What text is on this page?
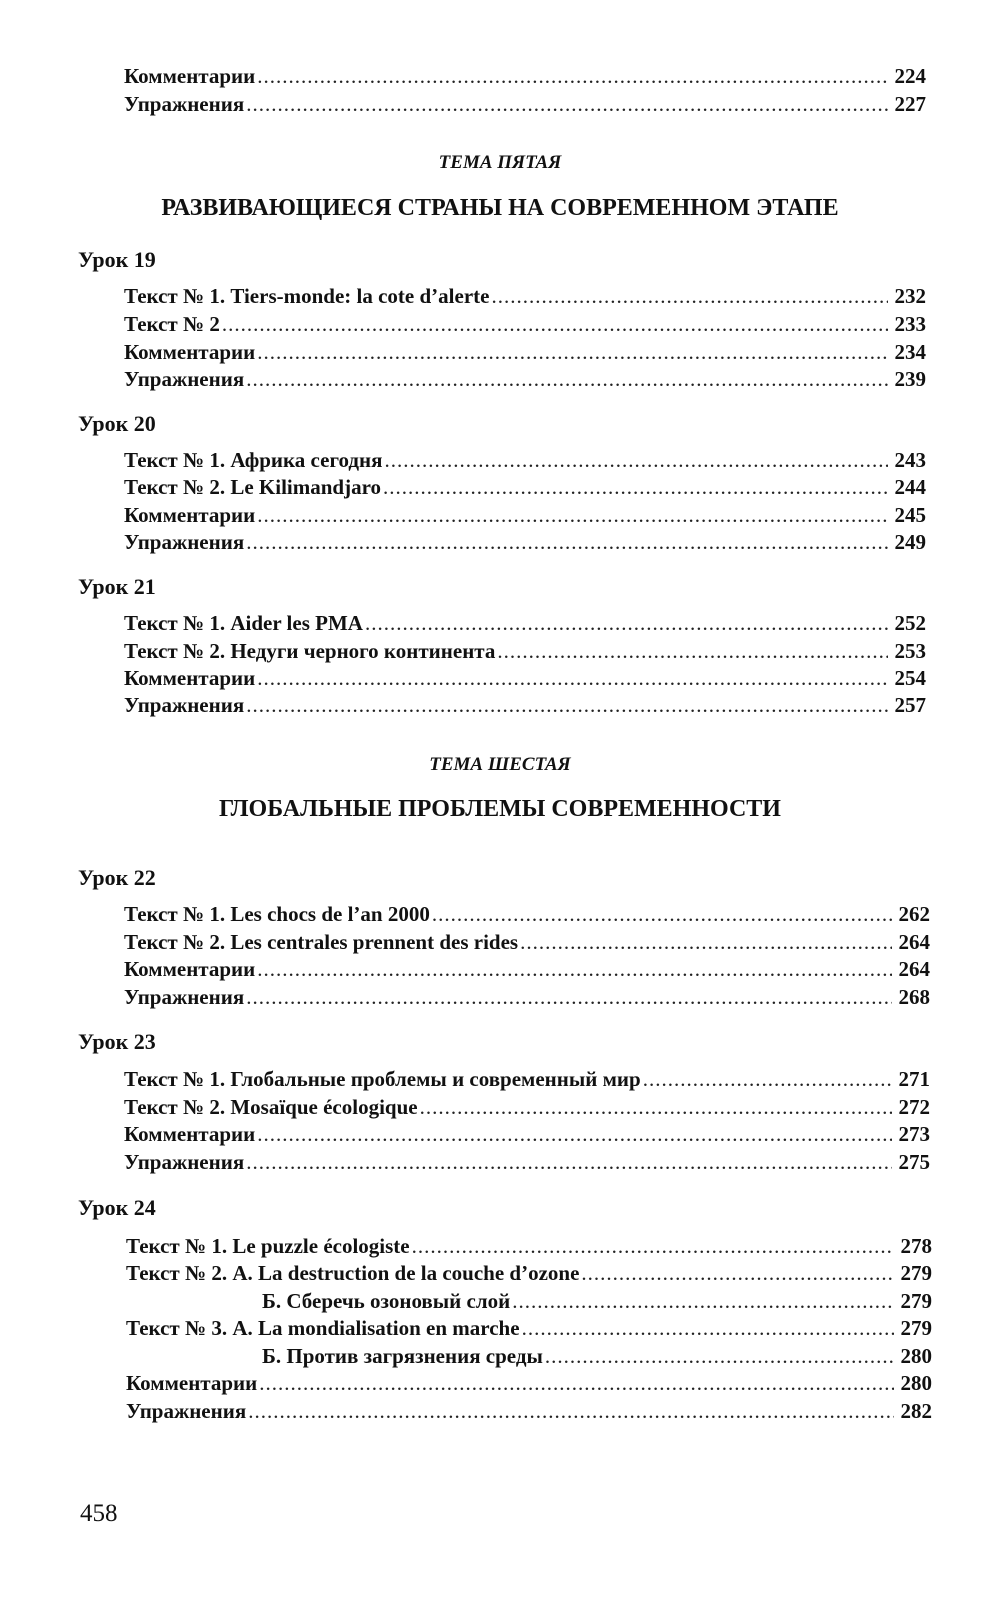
Комментарии .....	224
Упражнения .....	227
ТЕМА ПЯТАЯ
РАЗВИВАЮЩИЕСЯ СТРАНЫ НА СОВРЕМЕННОМ ЭТАПЕ
Урок 19
Текст № 1. Tiers-monde: la cote d’alerte .....	232
Текст № 2 .....	233
Комментарии .....	234
Упражнения .....	239
Урок 20
Текст № 1. Африка сегодня .....	243
Текст № 2. Le Kilimandjaro .....	244
Комментарии .....	245
Упражнения .....	249
Урок 21
Текст № 1. Aider les PMA .....	252
Текст № 2. Недуги черного континента .....	253
Комментарии .....	254
Упражнения .....	257
ТЕМА ШЕСТАЯ
ГЛОБАЛЬНЫЕ ПРОБЛЕМЫ СОВРЕМЕННОСТИ
Урок 22
Текст № 1. Les chocs de l’an 2000 .....	262
Текст № 2. Les centrales prennent des rides .....	264
Комментарии .....	264
Упражнения .....	268
Урок 23
Текст № 1. Глобальные проблемы и современный мир .....	271
Текст № 2. Mosaïque écologique .....	272
Комментарии .....	273
Упражнения .....	275
Урок 24
Текст № 1. Le puzzle écologiste .....	278
Текст № 2. А. La destruction de la couche d’ozone .....	279
Б. Сберечь озоновый слой .....	279
Текст № 3. А. La mondialisation en marche .....	279
Б. Против загрязнения среды .....	280
Комментарии .....	280
Упражнения .....	282
458
